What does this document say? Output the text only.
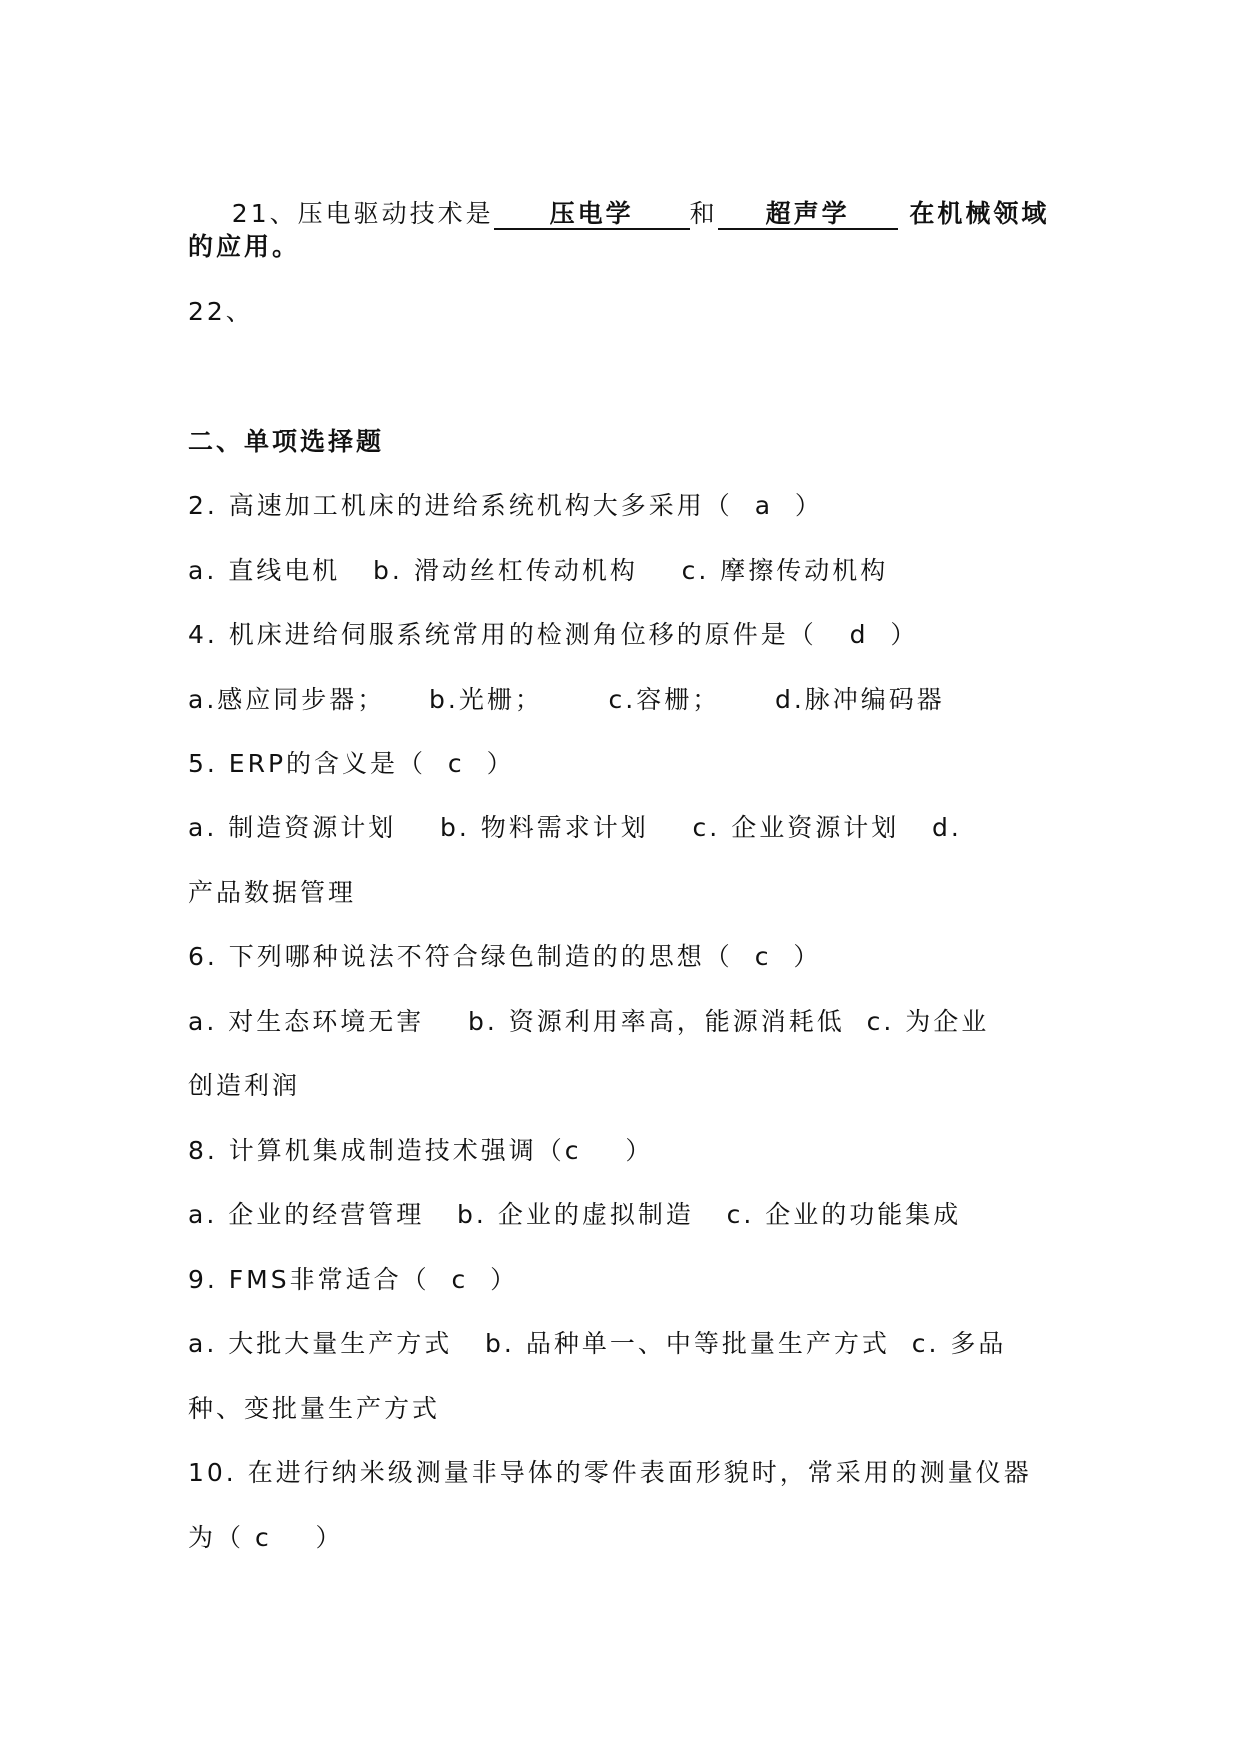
21、压电驱动技术是 压电学 和 超声学 在机械领域

的应用。
22、
二、单项选择题
2. 高速加工机床的进给系统机构大多采用（  a  ）
a. 直线电机   b. 滑动丝杠传动机构    c. 摩擦传动机构
4. 机床进给伺服系统常用的检测角位移的原件是（   d  ）
a.感应同步器；    b.光栅；      c.容栅；     d.脉冲编码器
5. ERP的含义是（  c  ）
a. 制造资源计划    b. 物料需求计划    c. 企业资源计划   d.
产品数据管理
6. 下列哪种说法不符合绿色制造的的思想（  c  ）
a. 对生态环境无害    b. 资源利用率高，能源消耗低  c. 为企业
创造利润
8. 计算机集成制造技术强调（c    ）
a. 企业的经营管理   b. 企业的虚拟制造   c. 企业的功能集成
9. FMS非常适合（  c  ）
a. 大批大量生产方式   b. 品种单一、中等批量生产方式  c. 多品
种、变批量生产方式
10. 在进行纳米级测量非导体的零件表面形貌时，常采用的测量仪器
为（ c    ）
